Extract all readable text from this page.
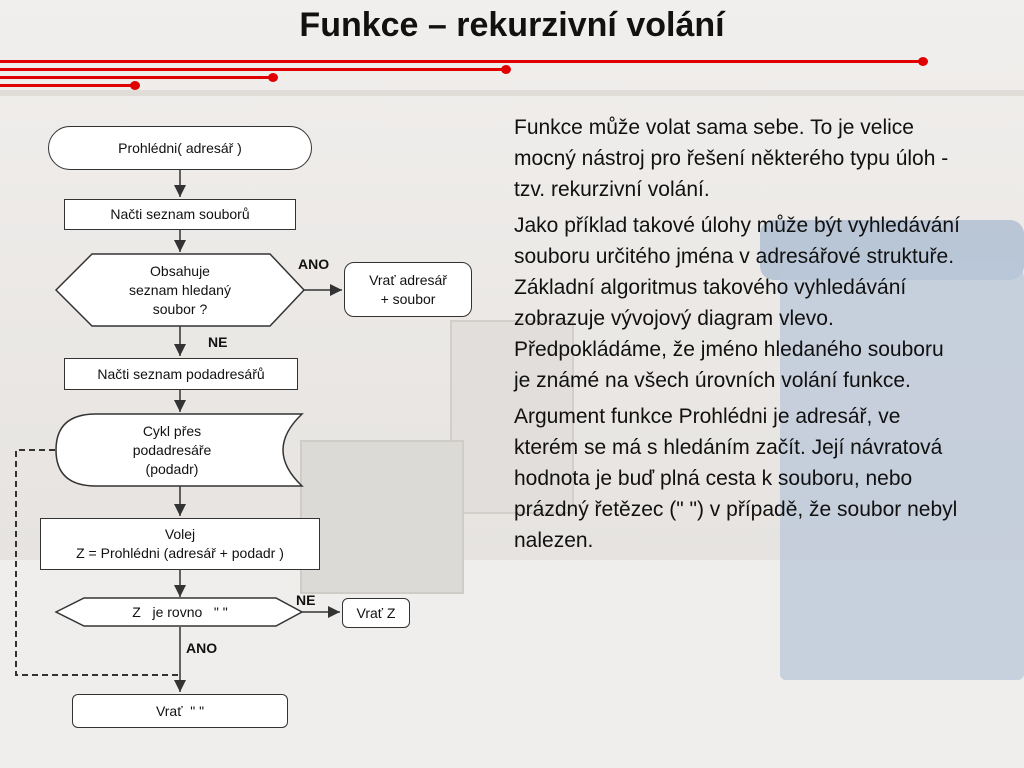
Funkce – rekurzivní volání
Prohlédni( adresář )
Načti seznam souborů
Obsahuje
seznam hledaný
soubor ?
ANO
NE
Vrať adresář
+ soubor
Načti seznam podadresářů
Cykl přes
podadresáře
(podadr)
Volej
Z = Prohlédni (adresář + podadr )
Z   je rovno   " "
NE
ANO
Vrať Z
Vrať  " "

Funkce může volat sama sebe. To je velice mocný nástroj pro řešení některého typu úloh - tzv. rekurzivní volání.

Jako příklad takové úlohy může být vyhledávání souboru určitého jména v adresářové struktuře. Základní algoritmus takového vyhledávání zobrazuje vývojový diagram vlevo. Předpokládáme, že jméno hledaného souboru je známé na všech úrovních volání funkce.

Argument funkce Prohlédni je adresář, ve kterém se má s hledáním začít. Její návratová hodnota je buď plná cesta k souboru, nebo prázdný řetězec (" ") v případě, že soubor nebyl nalezen.
